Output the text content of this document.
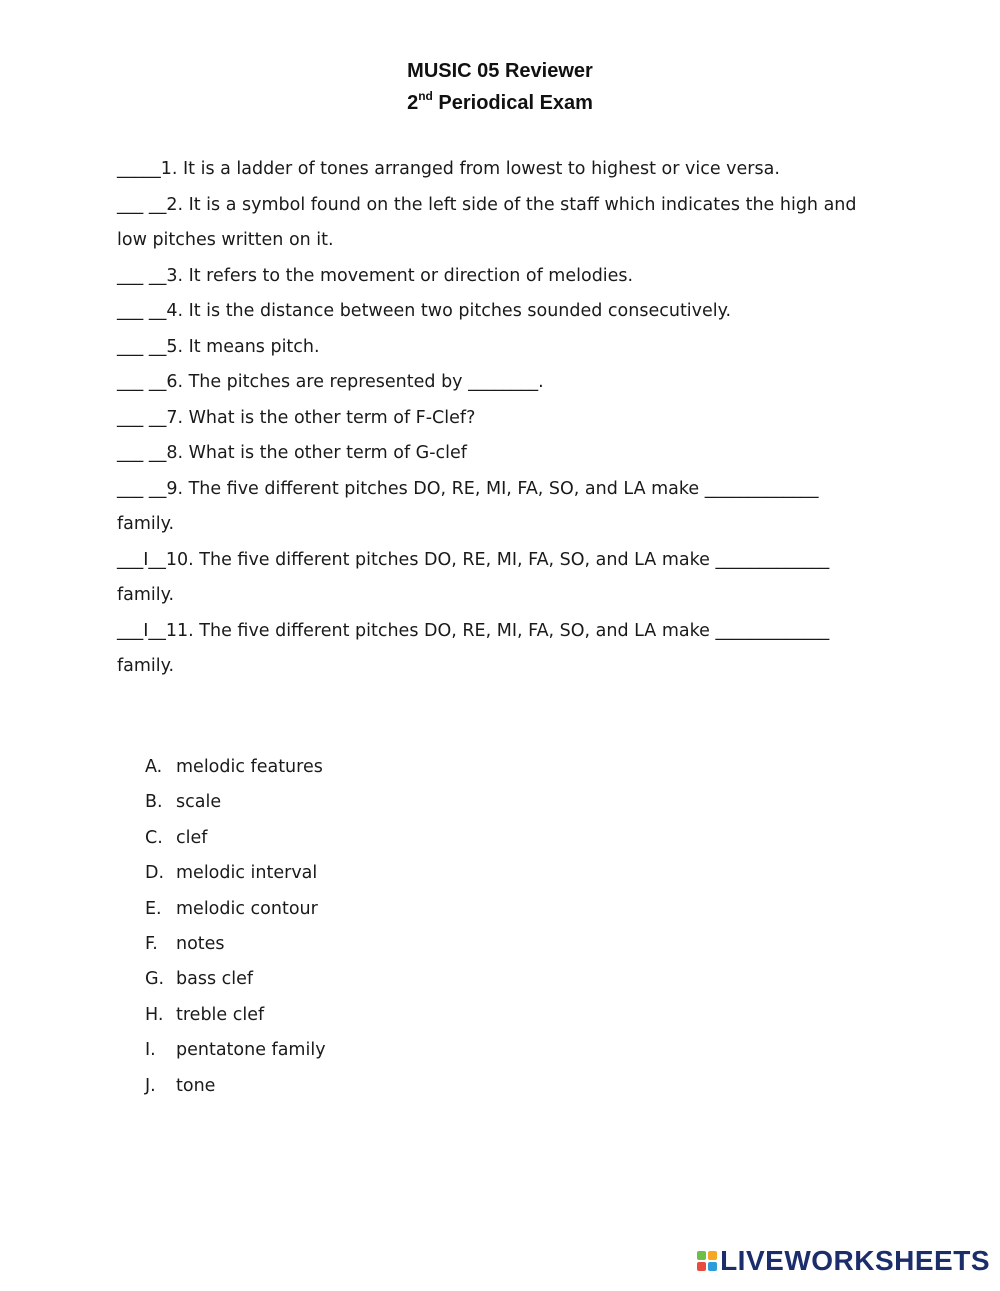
MUSIC 05 Reviewer
2nd Periodical Exam
_____1. It is a ladder of tones arranged from lowest to highest or vice versa.
___ __2. It is a symbol found on the left side of the staff which indicates the high and
low pitches written on it.
___ __3. It refers to the movement or direction of melodies.
___ __4. It is the distance between two pitches sounded consecutively.
___ __5. It means pitch.
___ __6. The pitches are represented by ________.
___ __7. What is the other term of F-Clef?
___ __8. What is the other term of G-clef
___ __9. The five different pitches DO, RE, MI, FA, SO, and LA make _____________
family.
___I__10. The five different pitches DO, RE, MI, FA, SO, and LA make _____________
family.
___I__11. The five different pitches DO, RE, MI, FA, SO, and LA make _____________
family.
A. melodic features
B. scale
C. clef
D. melodic interval
E. melodic contour
F.	notes
G. bass clef
H. treble clef
I.	pentatone family
J.	tone
LIVEWORKSHEETS
